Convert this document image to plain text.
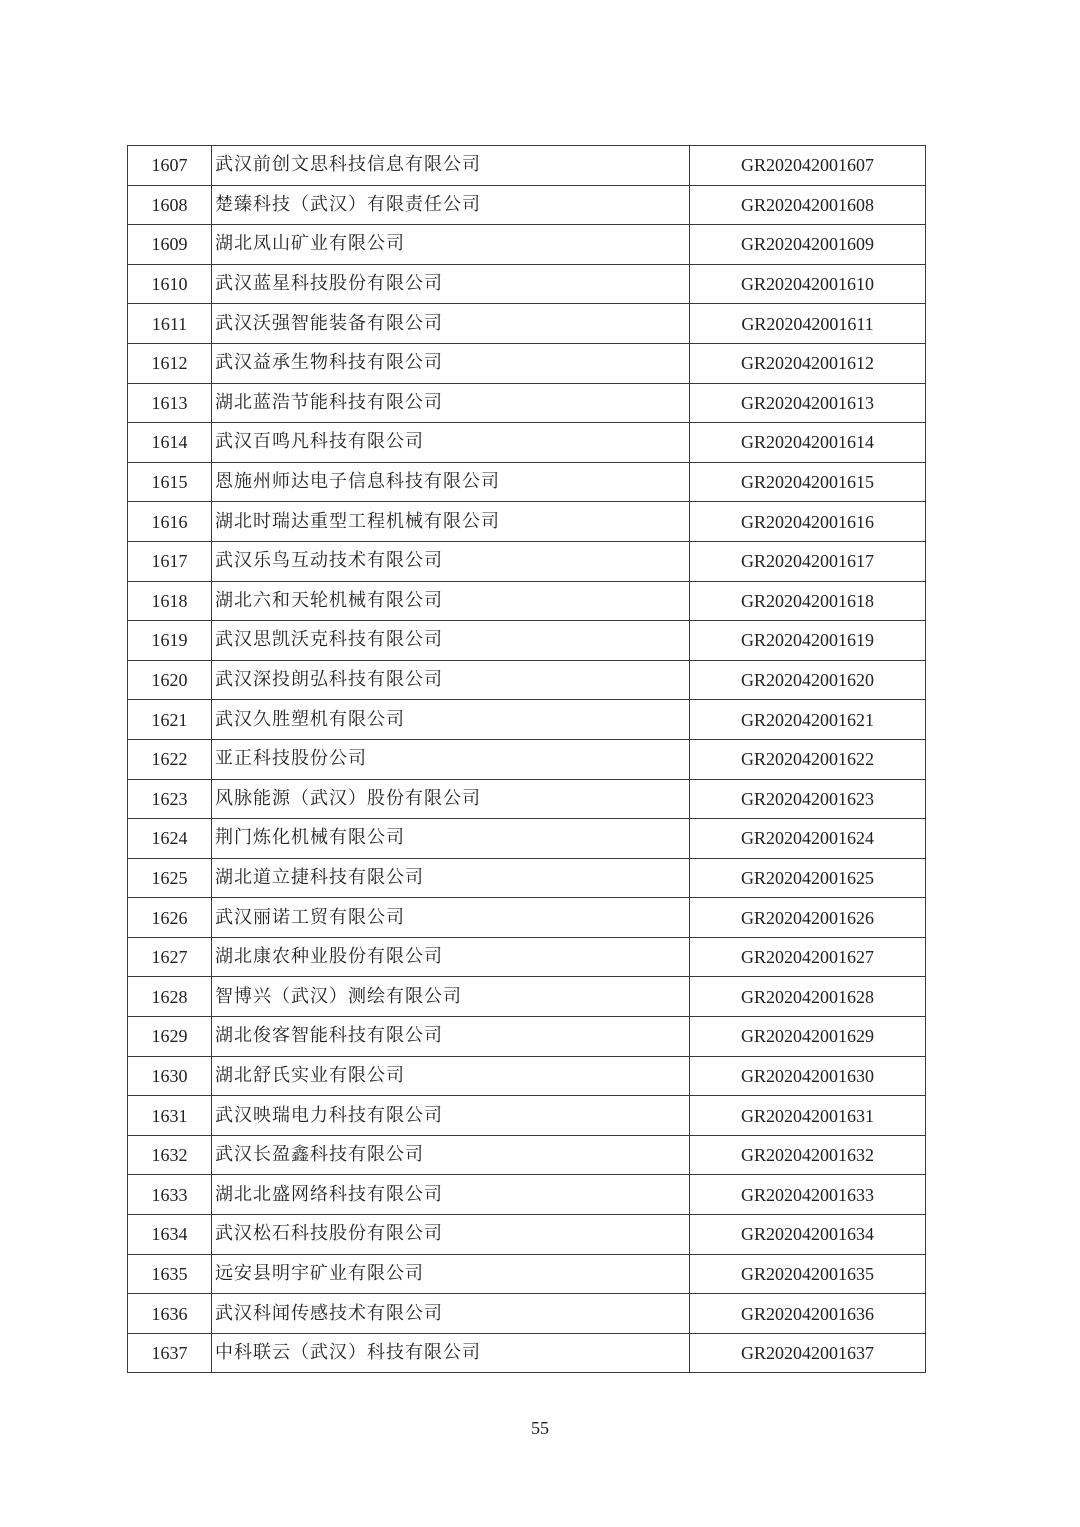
1607	武汉前创文思科技信息有限公司	GR202042001607
1608	楚臻科技（武汉）有限责任公司	GR202042001608
1609	湖北凤山矿业有限公司	GR202042001609
1610	武汉蓝星科技股份有限公司	GR202042001610
1611	武汉沃强智能装备有限公司	GR202042001611
1612	武汉益承生物科技有限公司	GR202042001612
1613	湖北蓝浩节能科技有限公司	GR202042001613
1614	武汉百鸣凡科技有限公司	GR202042001614
1615	恩施州师达电子信息科技有限公司	GR202042001615
1616	湖北时瑞达重型工程机械有限公司	GR202042001616
1617	武汉乐鸟互动技术有限公司	GR202042001617
1618	湖北六和天轮机械有限公司	GR202042001618
1619	武汉思凯沃克科技有限公司	GR202042001619
1620	武汉深投朗弘科技有限公司	GR202042001620
1621	武汉久胜塑机有限公司	GR202042001621
1622	亚正科技股份公司	GR202042001622
1623	风脉能源（武汉）股份有限公司	GR202042001623
1624	荆门炼化机械有限公司	GR202042001624
1625	湖北道立捷科技有限公司	GR202042001625
1626	武汉丽诺工贸有限公司	GR202042001626
1627	湖北康农种业股份有限公司	GR202042001627
1628	智博兴（武汉）测绘有限公司	GR202042001628
1629	湖北俊客智能科技有限公司	GR202042001629
1630	湖北舒氏实业有限公司	GR202042001630
1631	武汉映瑞电力科技有限公司	GR202042001631
1632	武汉长盈鑫科技有限公司	GR202042001632
1633	湖北北盛网络科技有限公司	GR202042001633
1634	武汉松石科技股份有限公司	GR202042001634
1635	远安县明宇矿业有限公司	GR202042001635
1636	武汉科闻传感技术有限公司	GR202042001636
1637	中科联云（武汉）科技有限公司	GR202042001637
55
